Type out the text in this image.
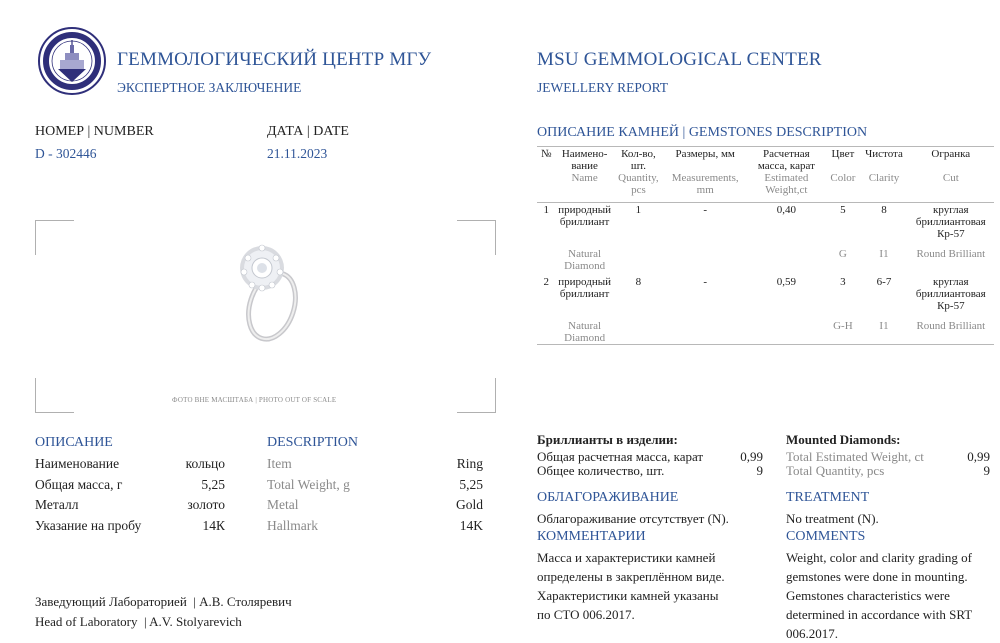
ГЕММОЛОГИЧЕСКИЙ ЦЕНТР МГУ
ЭКСПЕРТНОЕ ЗАКЛЮЧЕНИЕ
MSU GEMMOLOGICAL CENTER
JEWELLERY REPORT
НОМЕР | NUMBER
D - 302446
ДАТА | DATE
21.11.2023
ФОТО ВНЕ МАСШТАБА | PHOTO OUT OF SCALE
ОПИСАНИЕ
Наименование	кольцо
Общая масса, г	5,25
Металл	золото
Указание на пробу	14К
DESCRIPTION
Item	Ring
Total Weight, g	5,25
Metal	Gold
Hallmark	14K
Заведующий Лабораторией  | А.В. Столяревич
Head of Laboratory  | A.V. Stolyarevich
ОПИСАНИЕ КАМНЕЙ | GEMSTONES DESCRIPTION
№	Наимено-вание	Кол-во, шт.	Размеры, мм	Расчетная масса, карат	Цвет	Чистота	Огранка
	Name	Quantity, pcs	Measurements, mm	Estimated Weight,ct	Color	Clarity	Cut

1	природный бриллиант	1	-	0,40	5	8	круглая бриллиантовая Кр-57
	Natural Diamond				G	I1	Round Brilliant
2	природный бриллиант	8	-	0,59	3	6-7	круглая бриллиантовая Кр-57
	Natural Diamond				G-H	I1	Round Brilliant
Бриллианты в изделии:
Общая расчетная масса, карат	0,99
Общее количество, шт.	9
Mounted Diamonds:
Total Estimated Weight, ct	0,99
Total Quantity, pcs	9
ОБЛАГОРАЖИВАНИЕ
Облагораживание отсутствует (N).
TREATMENT
No treatment (N).
КОММЕНТАРИИ
Масса и характеристики камней
определены в закреплённом виде.
Характеристики камней указаны
по СТО 006.2017.
COMMENTS
Weight, color and clarity grading of
gemstones were done in mounting.
Gemstones characteristics were
determined in accordance with SRT
006.2017.
